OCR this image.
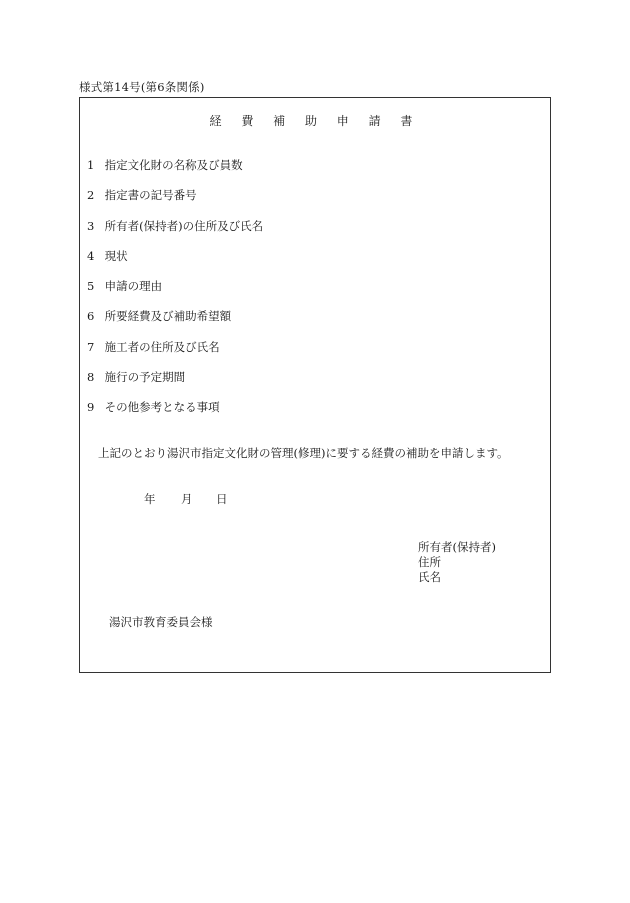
様式第14号(第6条関係)
経 費 補 助 申 請 書
1 指定文化財の名称及び員数
2 指定書の記号番号
3 所有者(保持者)の住所及び氏名
4 現状
5 申請の理由
6 所要経費及び補助希望額
7 施工者の住所及び氏名
8 施行の予定期間
9 その他参考となる事項
上記のとおり湯沢市指定文化財の管理(修理)に要する経費の補助を申請します。
年 月 日
所有者(保持者)
住所
氏名
湯沢市教育委員会様
